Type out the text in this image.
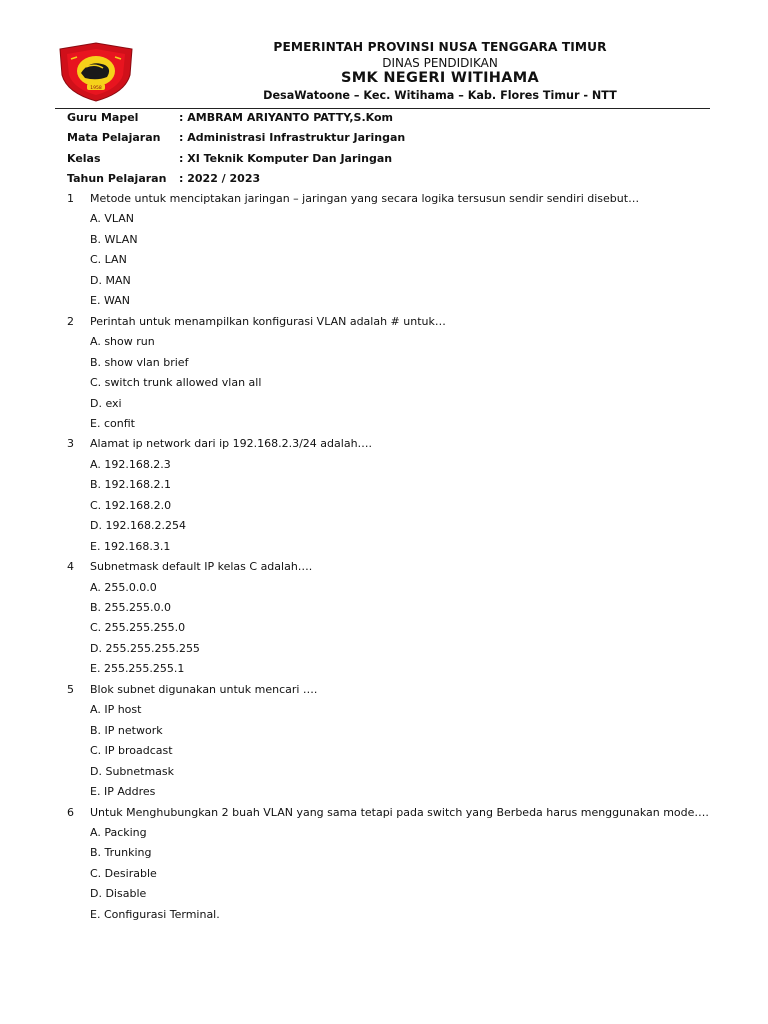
1958
PEMERINTAH PROVINSI NUSA TENGGARA TIMUR
DINAS PENDIDIKAN
SMK NEGERI WITIHAMA
DesaWatoone – Kec. Witihama – Kab. Flores Timur - NTT
Guru Mapel	: AMBRAM ARIYANTO PATTY,S.Kom
Mata Pelajaran : Administrasi Infrastruktur Jaringan
Kelas	: XI Teknik Komputer Dan Jaringan
Tahun Pelajaran : 2022 / 2023
1 Metode untuk menciptakan jaringan – jaringan yang secara logika tersusun sendir sendiri disebut…
A. VLAN
B. WLAN
C. LAN
D. MAN
E. WAN
2 Perintah untuk menampilkan konfigurasi VLAN adalah # untuk…
A. show run
B. show vlan brief
C. switch trunk allowed vlan all
D. exi
E. confit
3 Alamat ip network dari ip 192.168.2.3/24 adalah….
A. 192.168.2.3
B. 192.168.2.1
C. 192.168.2.0
D. 192.168.2.254
E. 192.168.3.1
4 Subnetmask default IP kelas C adalah….
A. 255.0.0.0
B. 255.255.0.0
C. 255.255.255.0
D. 255.255.255.255
E. 255.255.255.1
5 Blok subnet digunakan untuk mencari ….
A. IP host
B. IP network
C. IP broadcast
D. Subnetmask
E. IP Addres
6 Untuk Menghubungkan 2 buah VLAN yang sama tetapi pada switch yang Berbeda harus menggunakan mode….
A. Packing
B. Trunking
C. Desirable
D. Disable
E. Configurasi Terminal.
